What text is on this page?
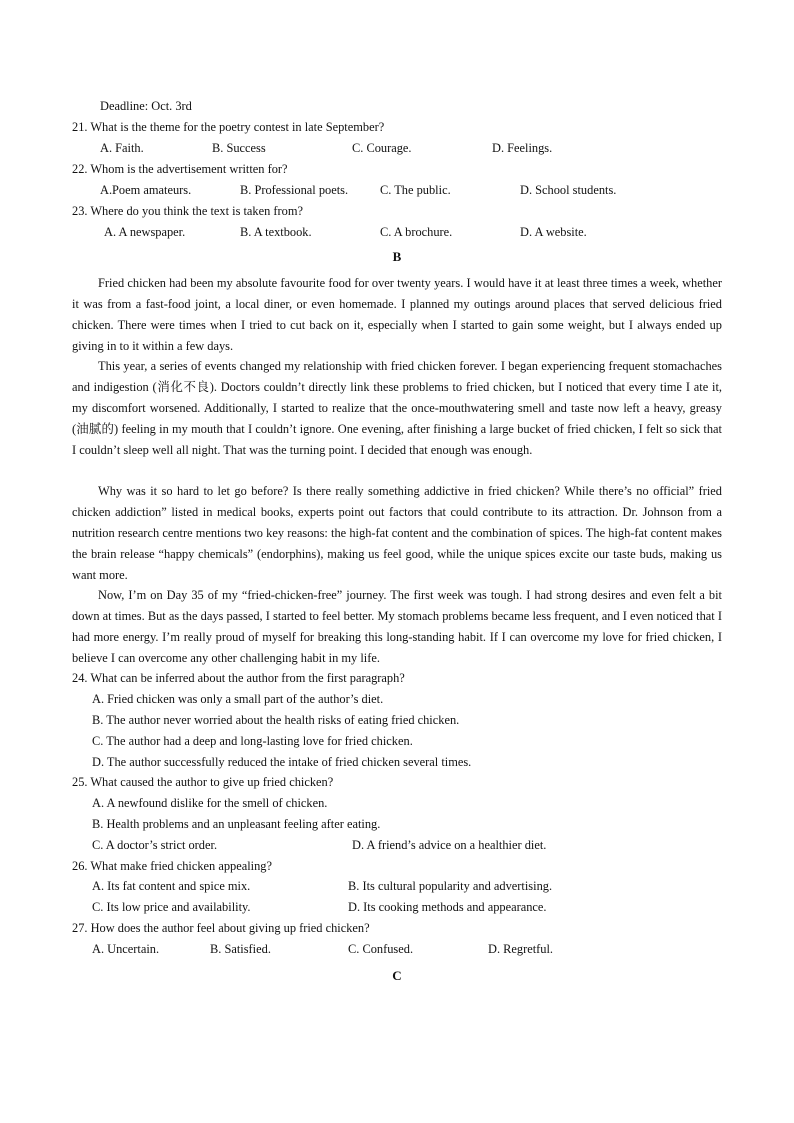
Deadline: Oct. 3rd
21. What is the theme for the poetry contest in late September?
A. Faith.	B. Success	C. Courage.	D. Feelings.
22. Whom is the advertisement written for?
A.Poem amateurs.	B. Professional poets.	C. The public.	D. School students.
23. Where do you think the text is taken from?
A. A newspaper.	B. A textbook.	C. A brochure.	D. A website.
B

Fried chicken had been my absolute favourite food for over twenty years. I would have it at least three times a week, whether it was from a fast-food joint, a local diner, or even homemade. I planned my outings around places that served delicious fried chicken. There were times when I tried to cut back on it, especially when I started to gain some weight, but I always ended up giving in to it within a few days.

This year, a series of events changed my relationship with fried chicken forever. I began experiencing frequent stomachaches and indigestion (消化不良). Doctors couldn’t directly link these problems to fried chicken, but I noticed that every time I ate it, my discomfort worsened. Additionally, I started to realize that the once-mouthwatering smell and taste now left a heavy, greasy (油腻的) feeling in my mouth that I couldn’t ignore. One evening, after finishing a large bucket of fried chicken, I felt so sick that I couldn’t sleep well all night. That was the turning point. I decided that enough was enough.

Why was it so hard to let go before? Is there really something addictive in fried chicken? While there’s no official” fried chicken addiction” listed in medical books, experts point out factors that could contribute to its attraction. Dr. Johnson from a nutrition research centre mentions two key reasons: the high-fat content and the combination of spices. The high-fat content makes the brain release “happy chemicals” (endorphins), making us feel good, while the unique spices excite our taste buds, making us want more.

Now, I’m on Day 35 of my “fried-chicken-free” journey. The first week was tough. I had strong desires and even felt a bit down at times. But as the days passed, I started to feel better. My stomach problems became less frequent, and I even noticed that I had more energy. I’m really proud of myself for breaking this long-standing habit. If I can overcome my love for fried chicken, I believe I can overcome any other challenging habit in my life.

24. What can be inferred about the author from the first paragraph?
A. Fried chicken was only a small part of the author’s diet.
B. The author never worried about the health risks of eating fried chicken.
C. The author had a deep and long-lasting love for fried chicken.
D. The author successfully reduced the intake of fried chicken several times.
25. What caused the author to give up fried chicken?
A. A newfound dislike for the smell of chicken.
B. Health problems and an unpleasant feeling after eating.
C. A doctor’s strict order.	D. A friend’s advice on a healthier diet.
26. What make fried chicken appealing?
A. Its fat content and spice mix.	B. Its cultural popularity and advertising.
C. Its low price and availability.	D. Its cooking methods and appearance.
27. How does the author feel about giving up fried chicken?
A. Uncertain.	B. Satisfied.	C. Confused.	D. Regretful.
C
